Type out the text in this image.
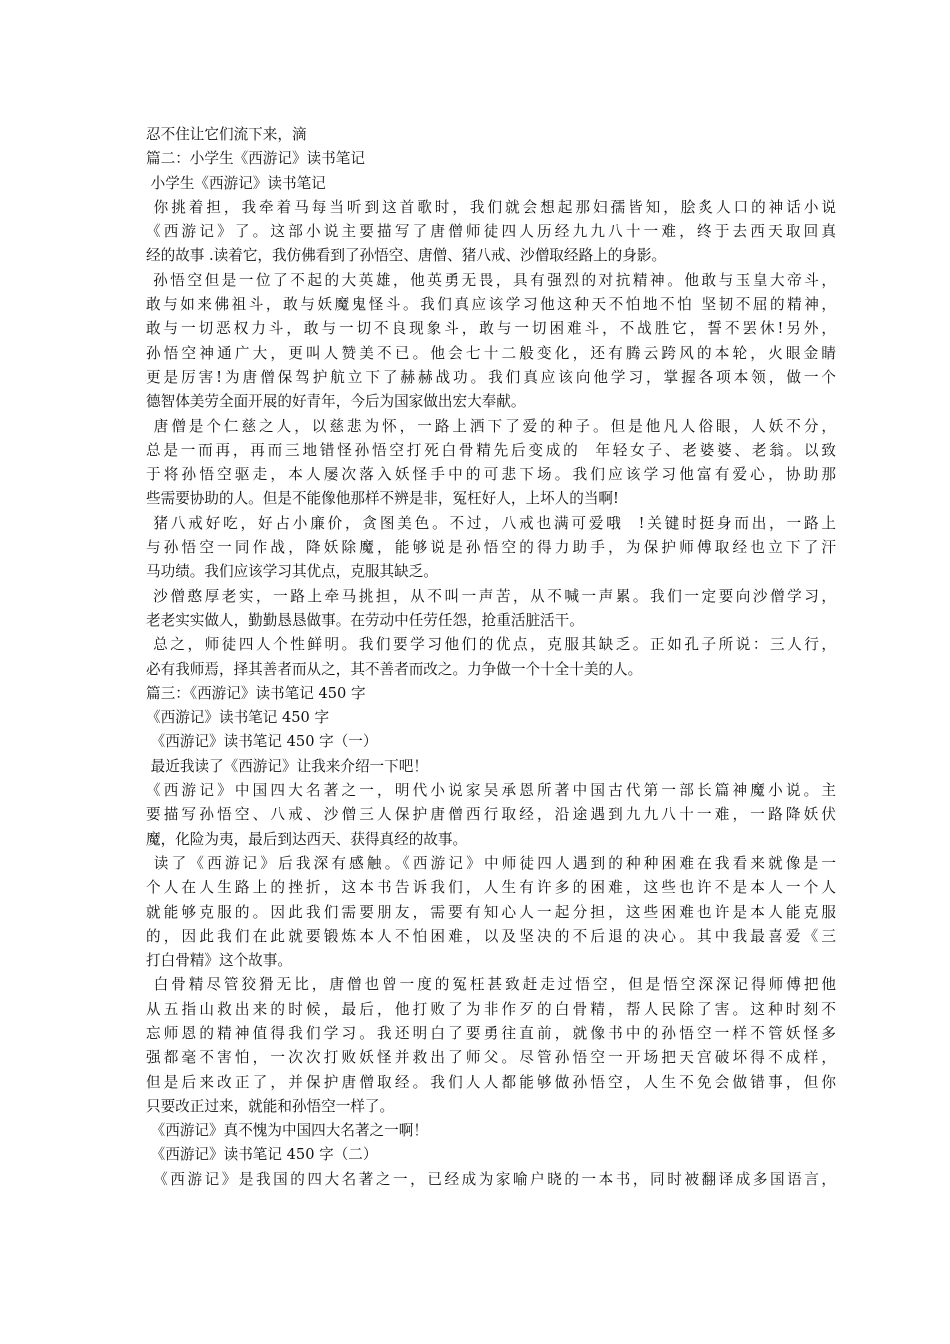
忍不住让它们流下来，滴
篇二：小学生《西游记》读书笔记
小学生《西游记》读书笔记
你挑着担，我牵着马每当听到这首歌时，我们就会想起那妇孺皆知，脍炙人口的神话小说
《西游记》了。这部小说主要描写了唐僧师徒四人历经九九八十一难，终于去西天取回真
经的故事 .读着它，我仿佛看到了孙悟空、唐僧、猪八戒、沙僧取经路上的身影。
孙悟空但是一位了不起的大英雄，他英勇无畏，具有强烈的对抗精神。他敢与玉皇大帝斗，
敢与如来佛祖斗，敢与妖魔鬼怪斗。我们真应该学习他这种天不怕地不怕 坚韧不屈的精神，
敢与一切恶权力斗，敢与一切不良现象斗，敢与一切困难斗，不战胜它，誓不罢休!另外，
孙悟空神通广大，更叫人赞美不已。他会七十二般变化，还有腾云跨风的本轮，火眼金睛
更是厉害!为唐僧保驾护航立下了赫赫战功。我们真应该向他学习，掌握各项本领，做一个
德智体美劳全面开展的好青年，今后为国家做出宏大奉献。
唐僧是个仁慈之人，以慈悲为怀，一路上洒下了爱的种子。但是他凡人俗眼，人妖不分，
总是一而再，再而三地错怪孙悟空打死白骨精先后变成的  年轻女子、老婆婆、老翁。以致
于将孙悟空驱走，本人屡次落入妖怪手中的可悲下场。我们应该学习他富有爱心，协助那
些需要协助的人。但是不能像他那样不辨是非，冤枉好人，上坏人的当啊!
猪八戒好吃，好占小廉价，贪图美色。不过，八戒也满可爱哦  !关键时挺身而出，一路上
与孙悟空一同作战，降妖除魔，能够说是孙悟空的得力助手，为保护师傅取经也立下了汗
马功绩。我们应该学习其优点，克服其缺乏。
沙僧憨厚老实，一路上牵马挑担，从不叫一声苦，从不喊一声累。我们一定要向沙僧学习，
老老实实做人，勤勤恳恳做事。在劳动中任劳任怨，抢重活脏活干。
总之，师徒四人个性鲜明。我们要学习他们的优点，克服其缺乏。正如孔子所说：三人行，
必有我师焉，择其善者而从之，其不善者而改之。力争做一个十全十美的人。
篇三：《西游记》读书笔记 450 字
《西游记》读书笔记 450 字
《西游记》读书笔记 450 字（一）
最近我读了《西游记》让我来介绍一下吧！
《西游记》中国四大名著之一，明代小说家吴承恩所著中国古代第一部长篇神魔小说。主
要描写孙悟空、八戒、沙僧三人保护唐僧西行取经，沿途遇到九九八十一难，一路降妖伏
魔，化险为夷，最后到达西天、获得真经的故事。
读了《西游记》后我深有感触。《西游记》中师徒四人遇到的种种困难在我看来就像是一
个人在人生路上的挫折，这本书告诉我们，人生有许多的困难，这些也许不是本人一个人
就能够克服的。因此我们需要朋友，需要有知心人一起分担，这些困难也许是本人能克服
的，因此我们在此就要锻炼本人不怕困难，以及坚决的不后退的决心。其中我最喜爱《三
打白骨精》这个故事。
白骨精尽管狡猾无比，唐僧也曾一度的冤枉甚致赶走过悟空，但是悟空深深记得师傅把他
从五指山救出来的时候，最后，他打败了为非作歹的白骨精，帮人民除了害。这种时刻不
忘师恩的精神值得我们学习。我还明白了要勇往直前，就像书中的孙悟空一样不管妖怪多
强都毫不害怕，一次次打败妖怪并救出了师父。尽管孙悟空一开场把天宫破坏得不成样，
但是后来改正了，并保护唐僧取经。我们人人都能够做孙悟空，人生不免会做错事，但你
只要改正过来，就能和孙悟空一样了。
《西游记》真不愧为中国四大名著之一啊！
《西游记》读书笔记 450 字（二）
《西游记》是我国的四大名著之一，已经成为家喻户晓的一本书，同时被翻译成多国语言，
